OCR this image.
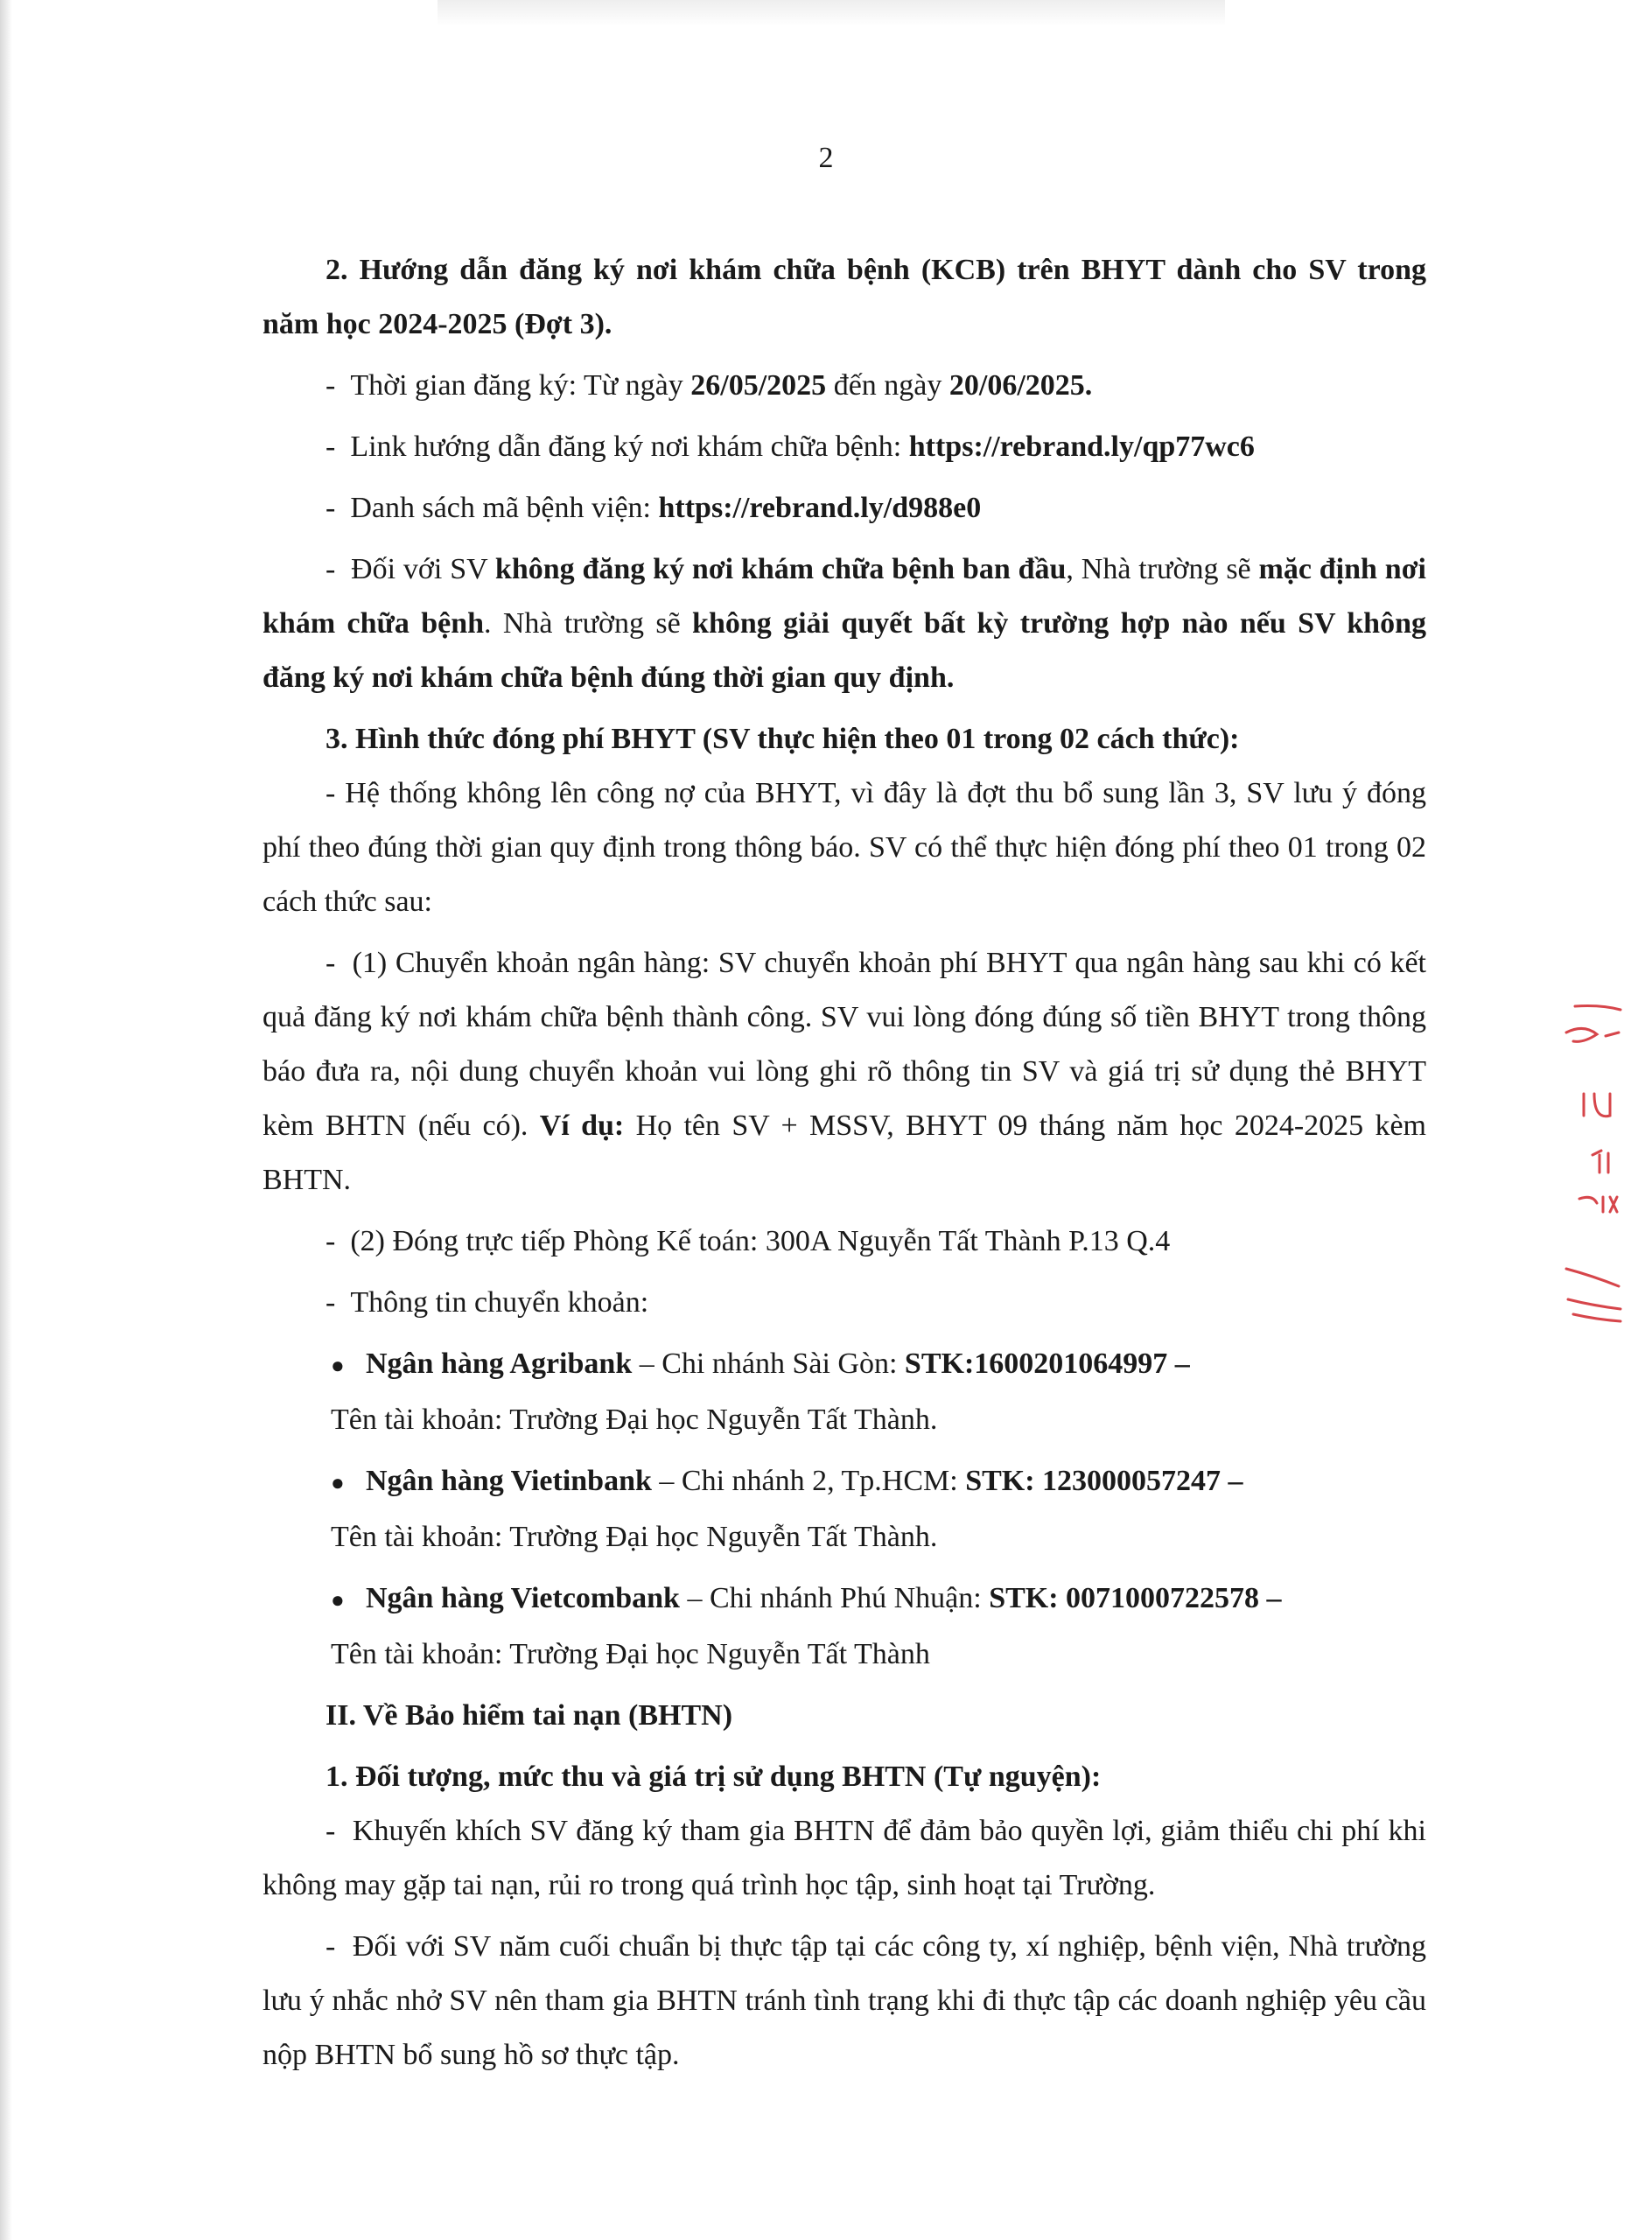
2

2. Hướng dẫn đăng ký nơi khám chữa bệnh (KCB) trên BHYT dành cho SV trong năm học 2024-2025 (Đợt 3).

-  Thời gian đăng ký: Từ ngày 26/05/2025 đến ngày 20/06/2025.

-  Link hướng dẫn đăng ký nơi khám chữa bệnh: https://rebrand.ly/qp77wc6

-  Danh sách mã bệnh viện: https://rebrand.ly/d988e0

-  Đối với SV không đăng ký nơi khám chữa bệnh ban đầu, Nhà trường sẽ mặc định nơi khám chữa bệnh. Nhà trường sẽ không giải quyết bất kỳ trường hợp nào nếu SV không đăng ký nơi khám chữa bệnh đúng thời gian quy định.

3. Hình thức đóng phí BHYT (SV thực hiện theo 01 trong 02 cách thức):

- Hệ thống không lên công nợ của BHYT, vì đây là đợt thu bổ sung lần 3, SV lưu ý đóng phí theo đúng thời gian quy định trong thông báo. SV có thể thực hiện đóng phí theo 01 trong 02 cách thức sau:

-  (1) Chuyển khoản ngân hàng: SV chuyển khoản phí BHYT qua ngân hàng sau khi có kết quả đăng ký nơi khám chữa bệnh thành công. SV vui lòng đóng đúng số tiền BHYT trong thông báo đưa ra, nội dung chuyển khoản vui lòng ghi rõ thông tin SV và giá trị sử dụng thẻ BHYT kèm BHTN (nếu có). Ví dụ: Họ tên SV + MSSV, BHYT 09 tháng năm học 2024-2025 kèm BHTN.

-  (2) Đóng trực tiếp Phòng Kế toán: 300A Nguyễn Tất Thành P.13 Q.4

-  Thông tin chuyển khoản:

● Ngân hàng Agribank – Chi nhánh Sài Gòn: STK:1600201064997 –

Tên tài khoản: Trường Đại học Nguyễn Tất Thành.

● Ngân hàng Vietinbank – Chi nhánh 2, Tp.HCM: STK: 123000057247 –

Tên tài khoản: Trường Đại học Nguyễn Tất Thành.

● Ngân hàng Vietcombank – Chi nhánh Phú Nhuận: STK: 0071000722578 –

Tên tài khoản: Trường Đại học Nguyễn Tất Thành

II. Về Bảo hiểm tai nạn (BHTN)

1. Đối tượng, mức thu và giá trị sử dụng BHTN (Tự nguyện):

-  Khuyến khích SV đăng ký tham gia BHTN để đảm bảo quyền lợi, giảm thiểu chi phí khi không may gặp tai nạn, rủi ro trong quá trình học tập, sinh hoạt tại Trường.

-  Đối với SV năm cuối chuẩn bị thực tập tại các công ty, xí nghiệp, bệnh viện, Nhà trường lưu ý nhắc nhở SV nên tham gia BHTN tránh tình trạng khi đi thực tập các doanh nghiệp yêu cầu nộp BHTN bổ sung hồ sơ thực tập.
